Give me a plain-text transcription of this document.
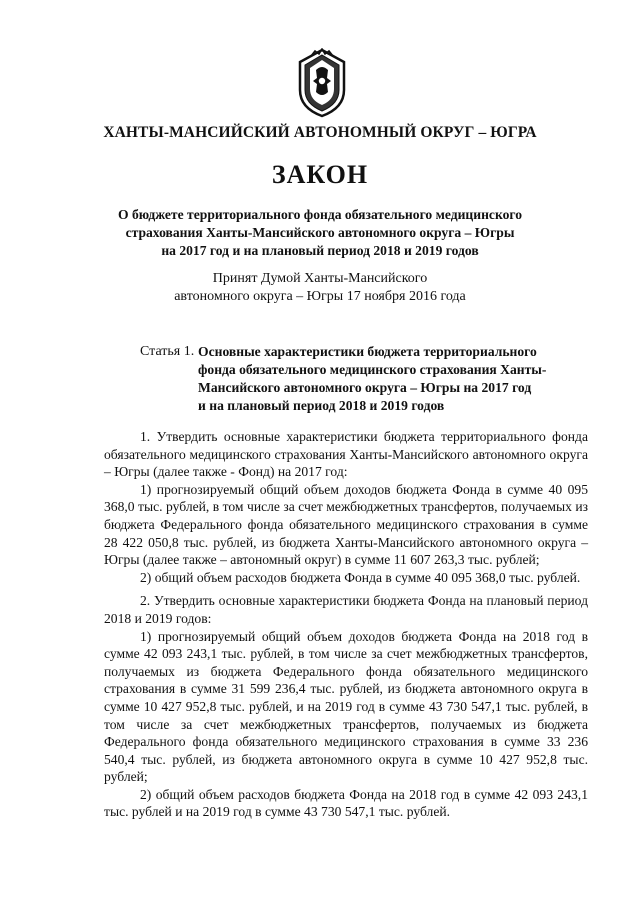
ХАНТЫ-МАНСИЙСКИЙ АВТОНОМНЫЙ ОКРУГ – ЮГРА
ЗАКОН
О бюджете территориального фонда обязательного медицинского
страхования Ханты-Мансийского автономного округа – Югры
на 2017 год и на плановый период 2018 и 2019 годов
Принят Думой Ханты-Мансийского
автономного округа – Югры 17 ноября 2016 года
Статья 1. Основные характеристики бюджета территориального
фонда обязательного медицинского страхования Ханты-
Мансийского автономного округа – Югры на 2017 год
и на плановый период 2018 и 2019 годов

1. Утвердить основные характеристики бюджета территориального фонда обязательного медицинского страхования Ханты-Мансийского автономного округа – Югры (далее также - Фонд) на 2017 год:

1) прогнозируемый общий объем доходов бюджета Фонда в сумме 40 095 368,0 тыс. рублей, в том числе за счет межбюджетных трансфертов, получаемых из бюджета Федерального фонда обязательного медицинского страхования в сумме 28 422 050,8 тыс. рублей, из бюджета Ханты-Мансийского автономного округа – Югры (далее также – автономный округ) в сумме 11 607 263,3 тыс. рублей;

2) общий объем расходов бюджета Фонда в сумме 40 095 368,0 тыс. рублей.

2. Утвердить основные характеристики бюджета Фонда на плановый период 2018 и 2019 годов:

1) прогнозируемый общий объем доходов бюджета Фонда на 2018 год в сумме 42 093 243,1 тыс. рублей, в том числе за счет межбюджетных трансфертов, получаемых из бюджета Федерального фонда обязательного медицинского страхования в сумме 31 599 236,4 тыс. рублей, из бюджета автономного округа в сумме 10 427 952,8 тыс. рублей, и на 2019 год в сумме 43 730 547,1 тыс. рублей, в том числе за счет межбюджетных трансфертов, получаемых из бюджета Федерального фонда обязательного медицинского страхования в сумме 33 236 540,4 тыс. рублей, из бюджета автономного округа в сумме 10 427 952,8 тыс. рублей;

2) общий объем расходов бюджета Фонда на 2018 год в сумме 42 093 243,1 тыс. рублей и на 2019 год в сумме 43 730 547,1 тыс. рублей.
